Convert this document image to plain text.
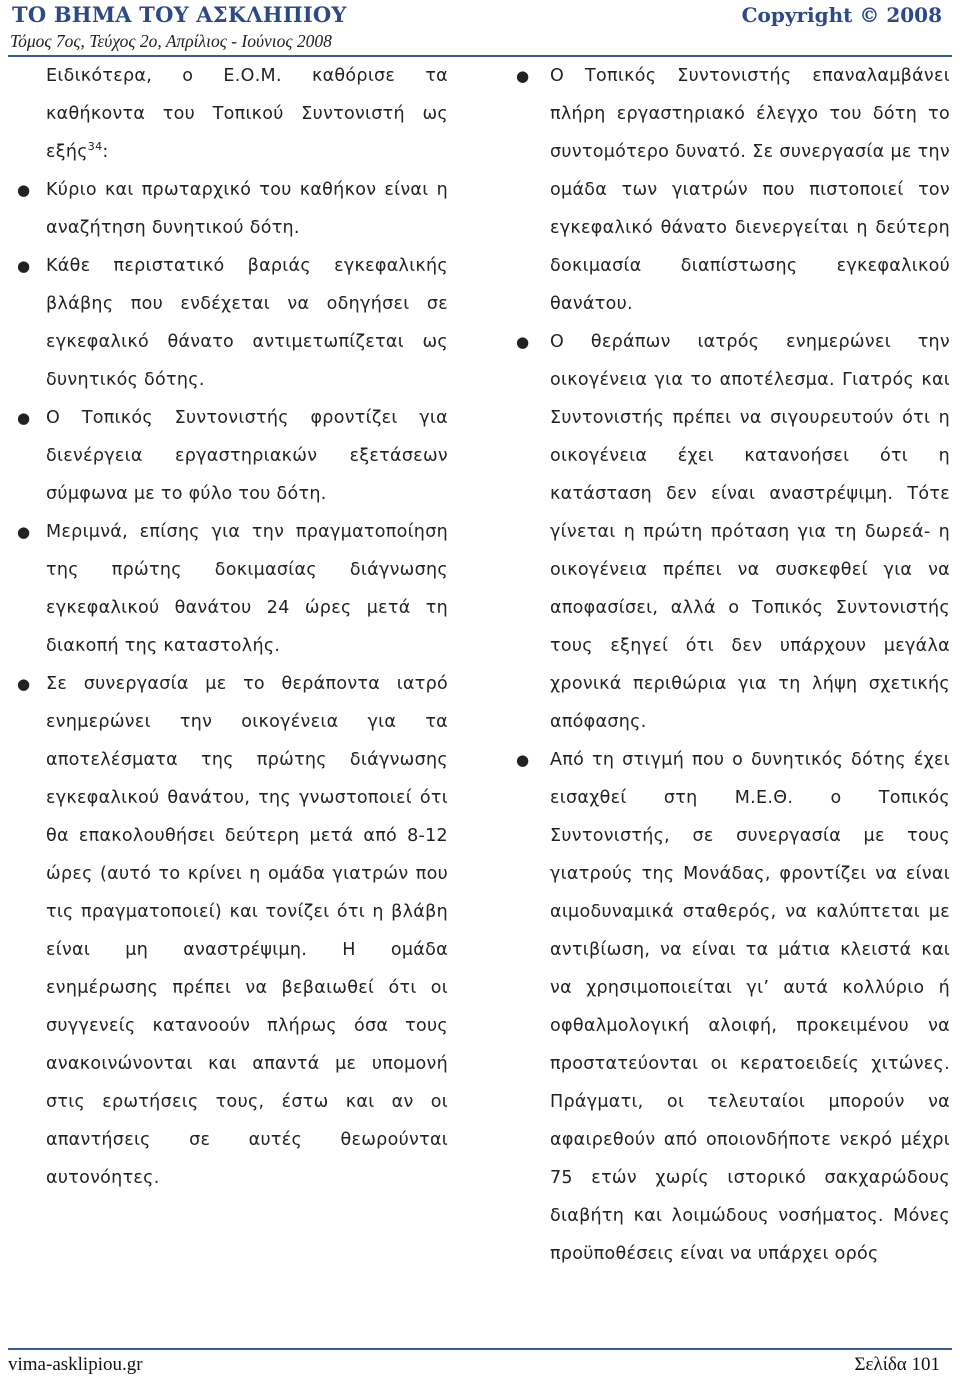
ΤΟ ΒΗΜΑ ΤΟΥ ΑΣΚΛΗΠΙΟΥ
Τόμος 7ος, Τεύχος 2ο, Απρίλιος - Ιούνιος 2008
Copyright © 2008

Ειδικότερα, ο Ε.Ο.Μ. καθόρισε τα καθήκοντα του Τοπικού Συντονιστή ως εξής$^{34}$:

● Κύριο και πρωταρχικό του καθήκον είναι η αναζήτηση δυνητικού δότη.
● Κάθε περιστατικό βαριάς εγκεφαλικής βλάβης που ενδέχεται να οδηγήσει σε εγκεφαλικό θάνατο αντιμετωπίζεται ως δυνητικός δότης.
● Ο Τοπικός Συντονιστής φροντίζει για διενέργεια εργαστηριακών εξετάσεων σύμφωνα με το φύλο του δότη.
● Μεριμνά, επίσης για την πραγματοποίηση της πρώτης δοκιμασίας διάγνωσης εγκεφαλικού θανάτου 24 ώρες μετά τη διακοπή της καταστολής.
● Σε συνεργασία με το θεράποντα ιατρό ενημερώνει την οικογένεια για τα αποτελέσματα της πρώτης διάγνωσης εγκεφαλικού θανάτου, της γνωστοποιεί ότι θα επακολουθήσει δεύτερη μετά από 8-12 ώρες (αυτό το κρίνει η ομάδα γιατρών που τις πραγματοποιεί) και τονίζει ότι η βλάβη είναι μη αναστρέψιμη. Η ομάδα ενημέρωσης πρέπει να βεβαιωθεί ότι οι συγγενείς κατανοούν πλήρως όσα τους ανακοινώνονται και απαντά με υπομονή στις ερωτήσεις τους, έστω και αν οι απαντήσεις σε αυτές θεωρούνται αυτονόητες.
● Ο Τοπικός Συντονιστής επαναλαμβάνει πλήρη εργαστηριακό έλεγχο του δότη το συντομότερο δυνατό. Σε συνεργασία με την ομάδα των γιατρών που πιστοποιεί τον εγκεφαλικό θάνατο διενεργείται η δεύτερη δοκιμασία διαπίστωσης εγκεφαλικού θανάτου.
● Ο θεράπων ιατρός ενημερώνει την οικογένεια για το αποτέλεσμα. Γιατρός και Συντονιστής πρέπει να σιγουρευτούν ότι η οικογένεια έχει κατανοήσει ότι η κατάσταση δεν είναι αναστρέψιμη. Τότε γίνεται η πρώτη πρόταση για τη δωρεά- η οικογένεια πρέπει να συσκεφθεί για να αποφασίσει, αλλά ο Τοπικός Συντονιστής τους εξηγεί ότι δεν υπάρχουν μεγάλα χρονικά περιθώρια για τη λήψη σχετικής απόφασης.
● Από τη στιγμή που ο δυνητικός δότης έχει εισαχθεί στη Μ.Ε.Θ. ο Τοπικός Συντονιστής, σε συνεργασία με τους γιατρούς της Μονάδας, φροντίζει να είναι αιμοδυναμικά σταθερός, να καλύπτεται με αντιβίωση, να είναι τα μάτια κλειστά και να χρησιμοποιείται γι’ αυτά κολλύριο ή οφθαλμολογική αλοιφή, προκειμένου να προστατεύονται οι κερατοειδείς χιτώνες. Πράγματι, οι τελευταίοι μπορούν να αφαιρεθούν από οποιονδήποτε νεκρό μέχρι 75 ετών χωρίς ιστορικό σακχαρώδους διαβήτη και λοιμώδους νοσήματος. Μόνες προϋποθέσεις είναι να υπάρχει ορός
vima-asklipiou.gr	Σελίδα 101
